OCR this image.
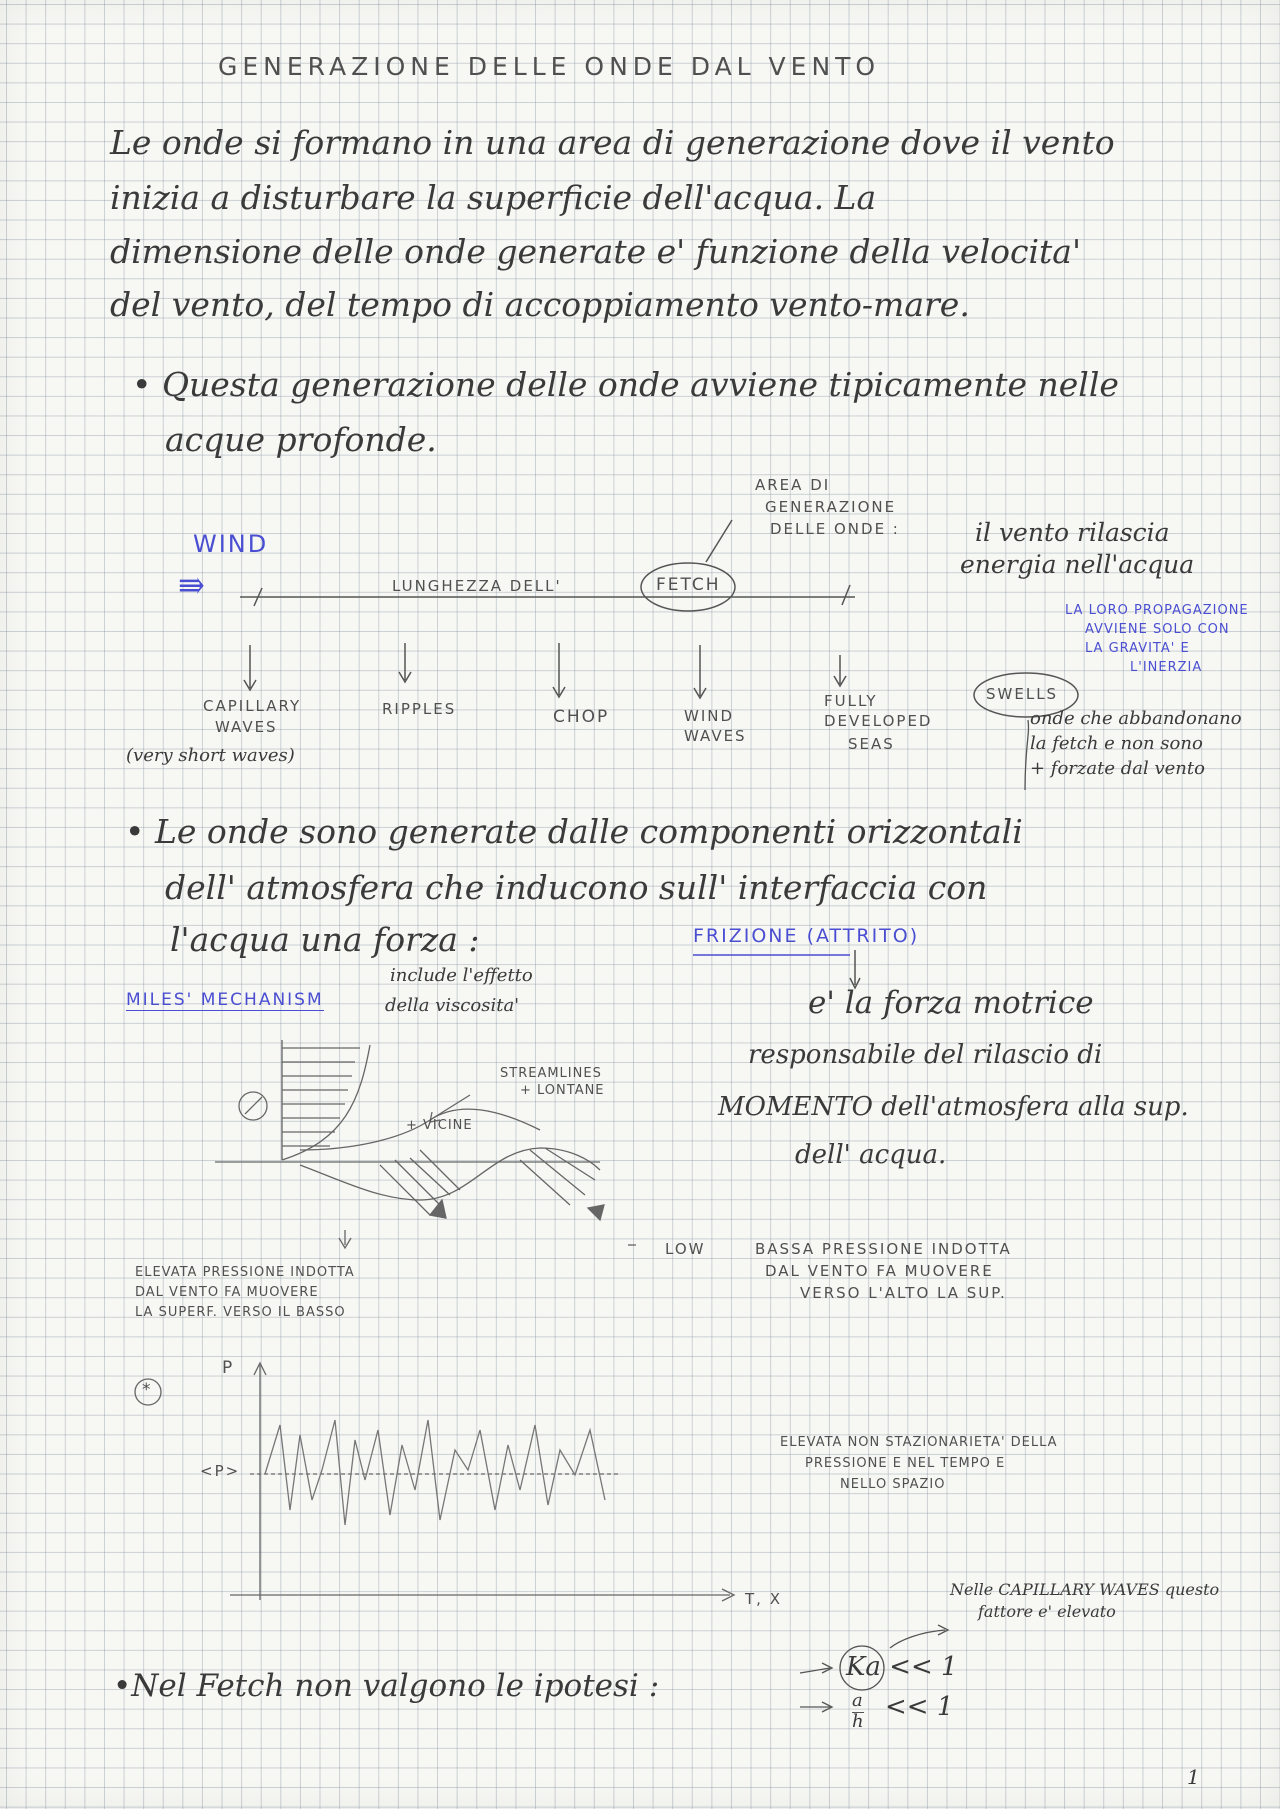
GENERAZIONE DELLE ONDE DAL VENTO
Le onde si formano in una area di generazione dove il vento
inizia a disturbare la superficie dell'acqua. La
dimensione delle onde generate e' funzione della velocita'
del vento, del tempo di accoppiamento vento-mare.
• Questa generazione delle onde avviene tipicamente nelle
acque profonde.
WIND
⇛	LUNGHEZZA DELL'	FETCH
AREA DI
GENERAZIONE
DELLE ONDE :	il vento rilascia
energia nell'acqua
CAPILLARY
WAVES
(very short waves)
RIPPLES	CHOP	WIND
WAVES
FULLY
DEVELOPED
SEAS
SWELLS
LA LORO PROPAGAZIONE
AVVIENE SOLO CON
LA GRAVITA' E
L'INERZIA
onde che abbandonano
la fetch e non sono
+ forzate dal vento
• Le onde sono generate dalle componenti orizzontali
dell' atmosfera che inducono sull' interfaccia con
l'acqua una forza :	FRIZIONE (ATTRITO)
e' la forza motrice
responsabile del rilascio di
MOMENTO dell'atmosfera alla sup.
dell' acqua.
MILES' MECHANISM
include l'effetto
della viscosita'
STREAMLINES
+ LONTANE
+ VICINE
ELEVATA PRESSIONE INDOTTA
DAL VENTO FA MUOVERE
LA SUPERF. VERSO IL BASSO
LOW	BASSA PRESSIONE INDOTTA
DAL VENTO FA MUOVERE
VERSO L'ALTO LA SUP.
*
P
<P>
T, X
ELEVATA NON STAZIONARIETA' DELLA
PRESSIONE E NEL TEMPO E
NELLO SPAZIO
Nelle CAPILLARY WAVES questo
fattore e' elevato
•Nel Fetch non valgono le ipotesi :
Ka << 1
a
h << 1
1
